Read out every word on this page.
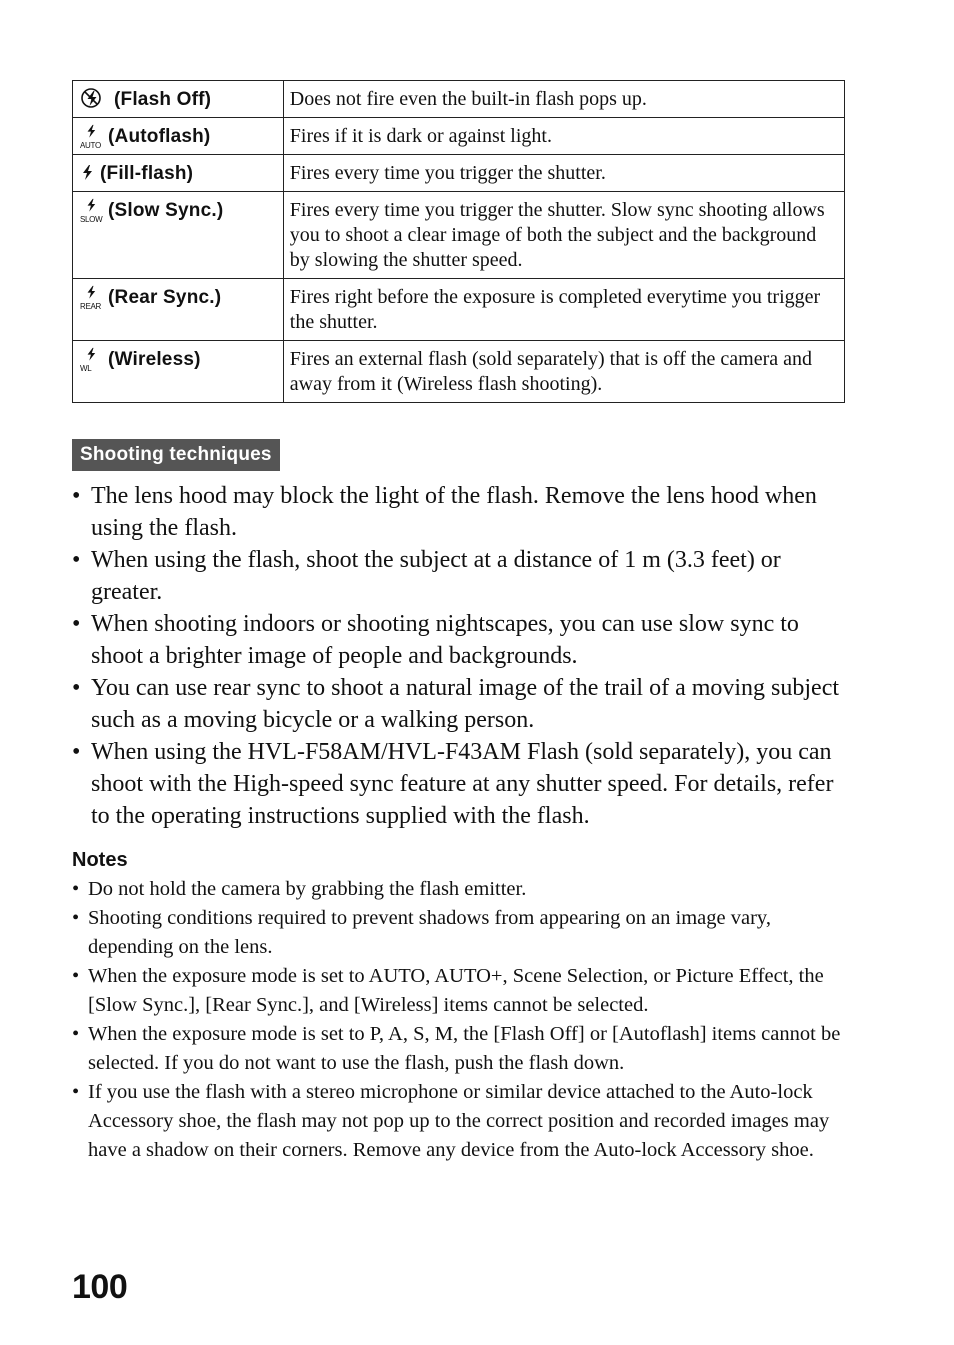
(Flash Off)	Does not fire even the built-in flash pops up.

AUTO (Autoflash)	Fires if it is dark or against light.

(Fill-flash)	Fires every time you trigger the shutter.

SLOW (Slow Sync.)	Fires every time you trigger the shutter. Slow sync shooting allows you to shoot a clear image of both the subject and the background by slowing the shutter speed.

REAR (Rear Sync.)	Fires right before the exposure is completed everytime you trigger the shutter.

WL (Wireless)	Fires an external flash (sold separately) that is off the camera and away from it (Wireless flash shooting).
Shooting techniques
• The lens hood may block the light of the flash. Remove the lens hood when using the flash.
• When using the flash, shoot the subject at a distance of 1 m (3.3 feet) or greater.
• When shooting indoors or shooting nightscapes, you can use slow sync to shoot a brighter image of people and backgrounds.
• You can use rear sync to shoot a natural image of the trail of a moving subject such as a moving bicycle or a walking person.
• When using the HVL-F58AM/HVL-F43AM Flash (sold separately), you can shoot with the High-speed sync feature at any shutter speed. For details, refer to the operating instructions supplied with the flash.
Notes
• Do not hold the camera by grabbing the flash emitter.
• Shooting conditions required to prevent shadows from appearing on an image vary, depending on the lens.
• When the exposure mode is set to AUTO, AUTO+, Scene Selection, or Picture Effect, the [Slow Sync.], [Rear Sync.], and [Wireless] items cannot be selected.
• When the exposure mode is set to P, A, S, M, the [Flash Off] or [Autoflash] items cannot be selected. If you do not want to use the flash, push the flash down.
• If you use the flash with a stereo microphone or similar device attached to the Auto-lock Accessory shoe, the flash may not pop up to the correct position and recorded images may have a shadow on their corners. Remove any device from the Auto-lock Accessory shoe.
100
